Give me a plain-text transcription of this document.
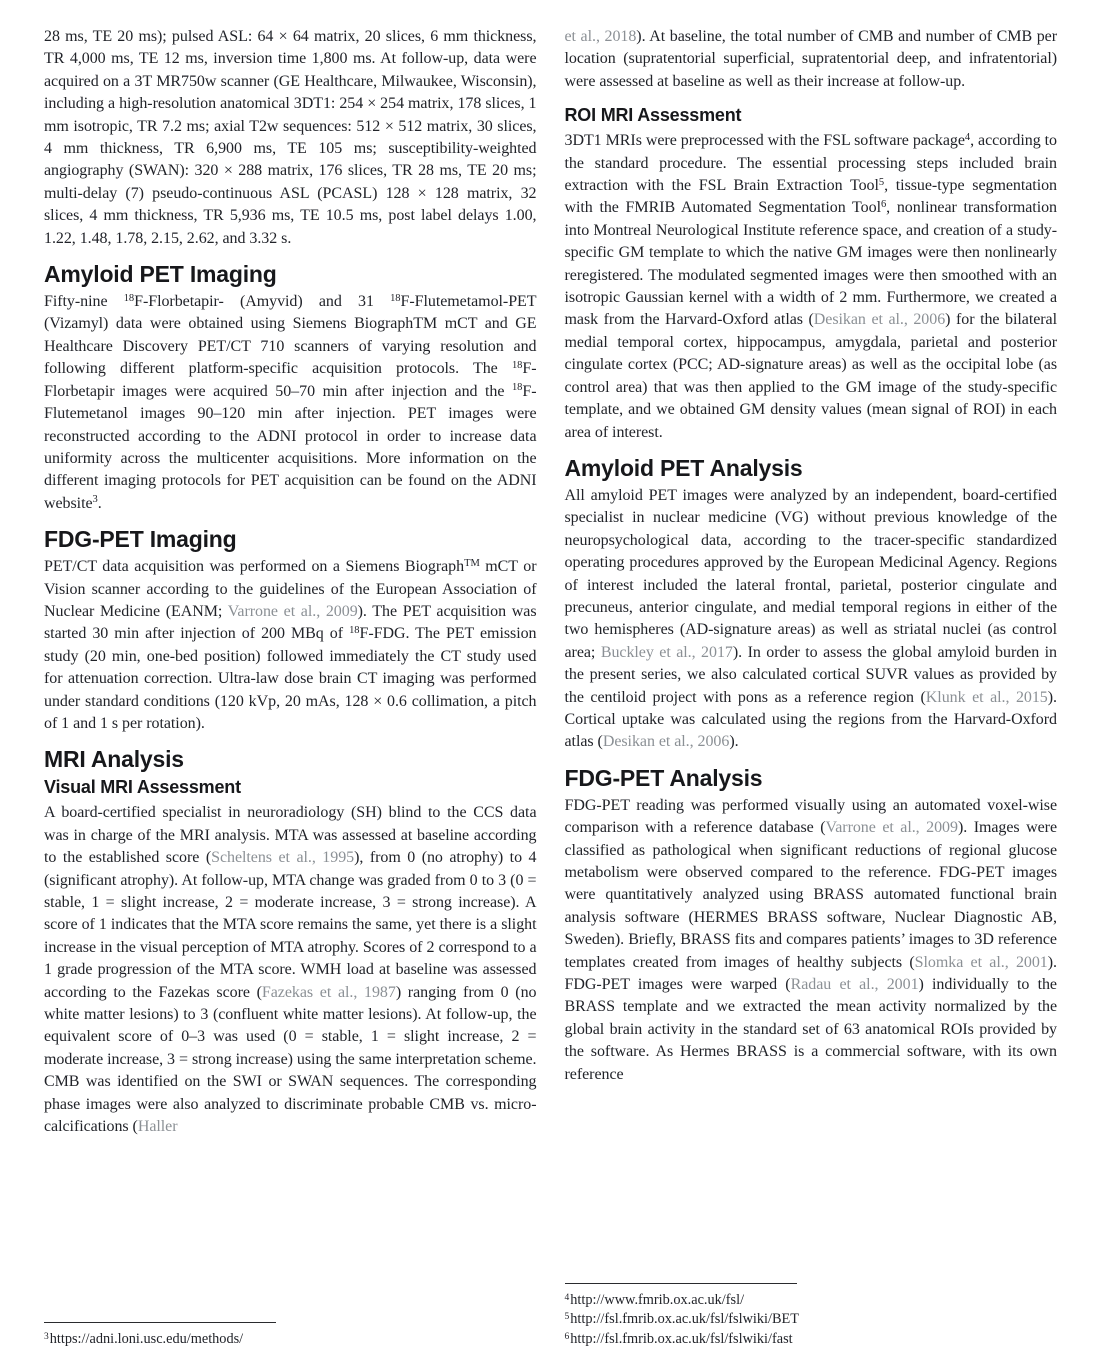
28 ms, TE 20 ms); pulsed ASL: 64 × 64 matrix, 20 slices, 6 mm thickness, TR 4,000 ms, TE 12 ms, inversion time 1,800 ms. At follow-up, data were acquired on a 3T MR750w scanner (GE Healthcare, Milwaukee, Wisconsin), including a high-resolution anatomical 3DT1: 254 × 254 matrix, 178 slices, 1 mm isotropic, TR 7.2 ms; axial T2w sequences: 512 × 512 matrix, 30 slices, 4 mm thickness, TR 6,900 ms, TE 105 ms; susceptibility-weighted angiography (SWAN): 320 × 288 matrix, 176 slices, TR 28 ms, TE 20 ms; multi-delay (7) pseudo-continuous ASL (PCASL) 128 × 128 matrix, 32 slices, 4 mm thickness, TR 5,936 ms, TE 10.5 ms, post label delays 1.00, 1.22, 1.48, 1.78, 2.15, 2.62, and 3.32 s.

Amyloid PET Imaging

Fifty-nine $^{18}$F-Florbetapir- (Amyvid) and 31 $^{18}$F-Flutemetamol-PET (Vizamyl) data were obtained using Siemens BiographTM mCT and GE Healthcare Discovery PET/CT 710 scanners of varying resolution and following different platform-specific acquisition protocols. The $^{18}$F-Florbetapir images were acquired 50–70 min after injection and the $^{18}$F-Flutemetanol images 90–120 min after injection. PET images were reconstructed according to the ADNI protocol in order to increase data uniformity across the multicenter acquisitions. More information on the different imaging protocols for PET acquisition can be found on the ADNI website$^3$.

FDG-PET Imaging

PET/CT data acquisition was performed on a Siemens Biograph™ mCT or Vision scanner according to the guidelines of the European Association of Nuclear Medicine (EANM; Varrone et al., 2009). The PET acquisition was started 30 min after injection of 200 MBq of $^{18}$F-FDG. The PET emission study (20 min, one-bed position) followed immediately the CT study used for attenuation correction. Ultra-law dose brain CT imaging was performed under standard conditions (120 kVp, 20 mAs, 128 × 0.6 collimation, a pitch of 1 and 1 s per rotation).

MRI Analysis
Visual MRI Assessment

A board-certified specialist in neuroradiology (SH) blind to the CCS data was in charge of the MRI analysis. MTA was assessed at baseline according to the established score (Scheltens et al., 1995), from 0 (no atrophy) to 4 (significant atrophy). At follow-up, MTA change was graded from 0 to 3 (0 = stable, 1 = slight increase, 2 = moderate increase, 3 = strong increase). A score of 1 indicates that the MTA score remains the same, yet there is a slight increase in the visual perception of MTA atrophy. Scores of 2 correspond to a 1 grade progression of the MTA score. WMH load at baseline was assessed according to the Fazekas score (Fazekas et al., 1987) ranging from 0 (no white matter lesions) to 3 (confluent white matter lesions). At follow-up, the equivalent score of 0–3 was used (0 = stable, 1 = slight increase, 2 = moderate increase, 3 = strong increase) using the same interpretation scheme. CMB was identified on the SWI or SWAN sequences. The corresponding phase images were also analyzed to discriminate probable CMB vs. micro-calcifications (Haller

$^3$https://adni.loni.usc.edu/methods/

et al., 2018). At baseline, the total number of CMB and number of CMB per location (supratentorial superficial, supratentorial deep, and infratentorial) were assessed at baseline as well as their increase at follow-up.

ROI MRI Assessment

3DT1 MRIs were preprocessed with the FSL software package$^4$, according to the standard procedure. The essential processing steps included brain extraction with the FSL Brain Extraction Tool$^5$, tissue-type segmentation with the FMRIB Automated Segmentation Tool$^6$, nonlinear transformation into Montreal Neurological Institute reference space, and creation of a study-specific GM template to which the native GM images were then nonlinearly reregistered. The modulated segmented images were then smoothed with an isotropic Gaussian kernel with a width of 2 mm. Furthermore, we created a mask from the Harvard-Oxford atlas (Desikan et al., 2006) for the bilateral medial temporal cortex, hippocampus, amygdala, parietal and posterior cingulate cortex (PCC; AD-signature areas) as well as the occipital lobe (as control area) that was then applied to the GM image of the study-specific template, and we obtained GM density values (mean signal of ROI) in each area of interest.

Amyloid PET Analysis

All amyloid PET images were analyzed by an independent, board-certified specialist in nuclear medicine (VG) without previous knowledge of the neuropsychological data, according to the tracer-specific standardized operating procedures approved by the European Medicinal Agency. Regions of interest included the lateral frontal, parietal, posterior cingulate and precuneus, anterior cingulate, and medial temporal regions in either of the two hemispheres (AD-signature areas) as well as striatal nuclei (as control area; Buckley et al., 2017). In order to assess the global amyloid burden in the present series, we also calculated cortical SUVR values as provided by the centiloid project with pons as a reference region (Klunk et al., 2015). Cortical uptake was calculated using the regions from the Harvard-Oxford atlas (Desikan et al., 2006).

FDG-PET Analysis

FDG-PET reading was performed visually using an automated voxel-wise comparison with a reference database (Varrone et al., 2009). Images were classified as pathological when significant reductions of regional glucose metabolism were observed compared to the reference. FDG-PET images were quantitatively analyzed using BRASS automated functional brain analysis software (HERMES BRASS software, Nuclear Diagnostic AB, Sweden). Briefly, BRASS fits and compares patients’ images to 3D reference templates created from images of healthy subjects (Slomka et al., 2001). FDG-PET images were warped (Radau et al., 2001) individually to the BRASS template and we extracted the mean activity normalized by the global brain activity in the standard set of 63 anatomical ROIs provided by the software. As Hermes BRASS is a commercial software, with its own reference

$^4$http://www.fmrib.ox.ac.uk/fsl/
$^5$http://fsl.fmrib.ox.ac.uk/fsl/fslwiki/BET
$^6$http://fsl.fmrib.ox.ac.uk/fsl/fslwiki/fast
